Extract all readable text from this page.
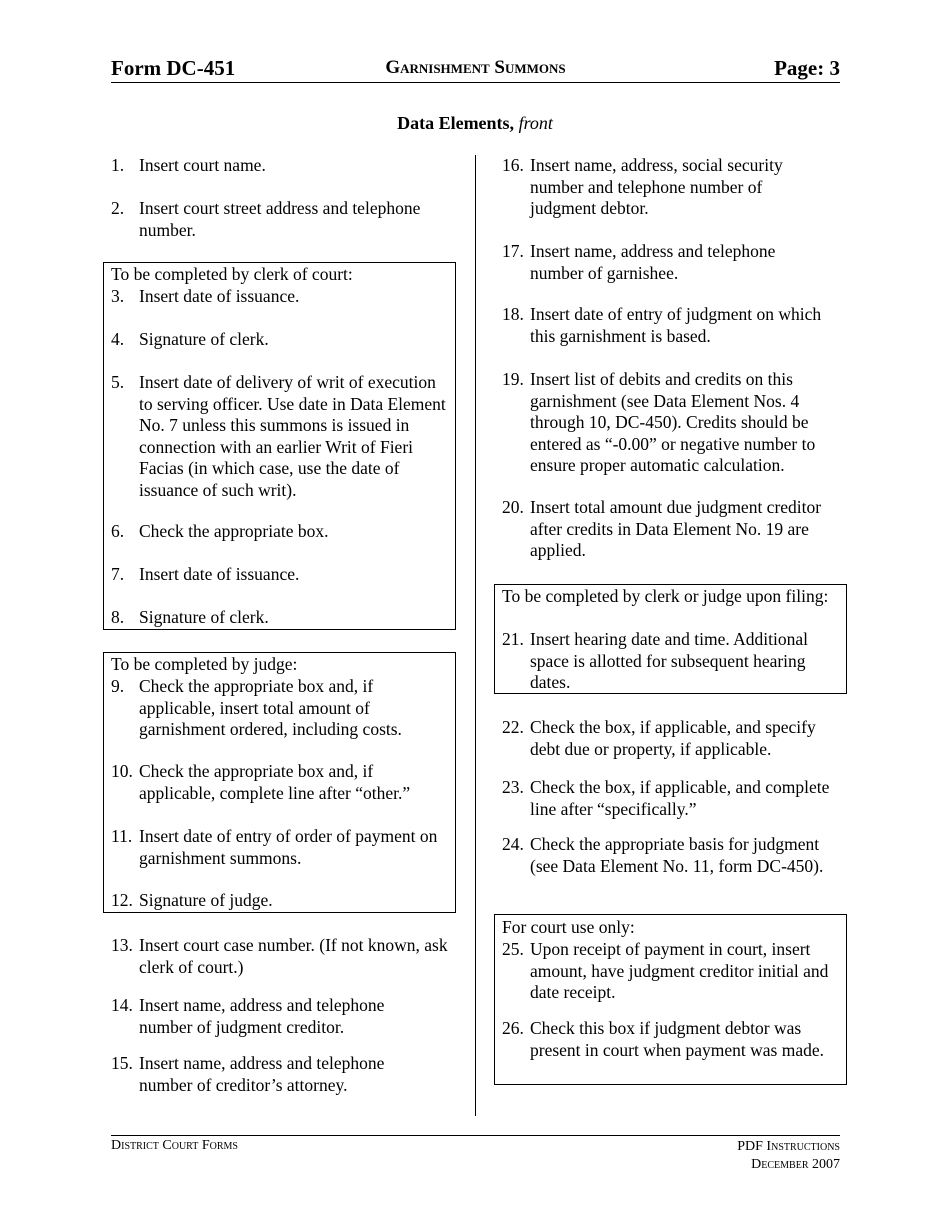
Form DC-451	Garnishment Summons	Page: 3
Data Elements, front
1. Insert court name.
2. Insert court street address and telephone number.
To be completed by clerk of court:
3. Insert date of issuance.
4. Signature of clerk.
5. Insert date of delivery of writ of execution to serving officer. Use date in Data Element No. 7 unless this summons is issued in connection with an earlier Writ of Fieri Facias (in which case, use the date of issuance of such writ).
6. Check the appropriate box.
7. Insert date of issuance.
8. Signature of clerk.
To be completed by judge:
9. Check the appropriate box and, if applicable, insert total amount of garnishment ordered, including costs.
10. Check the appropriate box and, if applicable, complete line after “other.”
11. Insert date of entry of order of payment on garnishment summons.
12. Signature of judge.
13. Insert court case number. (If not known, ask clerk of court.)
14. Insert name, address and telephone number of judgment creditor.
15. Insert name, address and telephone number of creditor’s attorney.
16. Insert name, address, social security number and telephone number of judgment debtor.
17. Insert name, address and telephone number of garnishee.
18. Insert date of entry of judgment on which this garnishment is based.
19. Insert list of debits and credits on this garnishment (see Data Element Nos. 4 through 10, DC-450). Credits should be entered as “-0.00” or negative number to ensure proper automatic calculation.
20. Insert total amount due judgment creditor after credits in Data Element No. 19 are applied.
To be completed by clerk or judge upon filing:
21. Insert hearing date and time. Additional space is allotted for subsequent hearing dates.
22. Check the box, if applicable, and specify debt due or property, if applicable.
23. Check the box, if applicable, and complete line after “specifically.”
24. Check the appropriate basis for judgment (see Data Element No. 11, form DC-450).
For court use only:
25. Upon receipt of payment in court, insert amount, have judgment creditor initial and date receipt.
26. Check this box if judgment debtor was present in court when payment was made.
District Court Forms	PDF Instructions
December 2007
